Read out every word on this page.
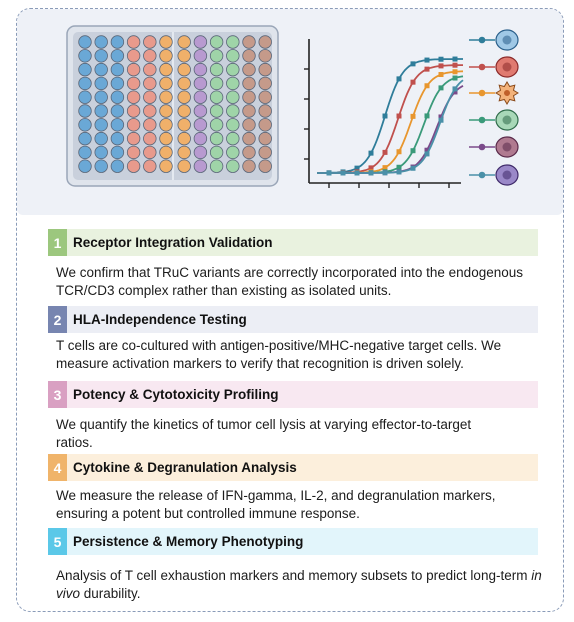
1 Receptor Integration Validation
We confirm that TRuC variants are correctly incorporated into the endogenous TCR/CD3 complex rather than existing as isolated units.
2 HLA-Independence Testing
T cells are co-cultured with antigen-positive/MHC-negative target cells. We measure activation markers to verify that recognition is driven solely.
3 Potency & Cytotoxicity Profiling
We quantify the kinetics of tumor cell lysis at varying effector-to-target ratios.
4 Cytokine & Degranulation Analysis
We measure the release of IFN-gamma, IL-2, and degranulation markers, ensuring a potent but controlled immune response.
5 Persistence & Memory Phenotyping
Analysis of T cell exhaustion markers and memory subsets to predict long-term in vivo durability.
